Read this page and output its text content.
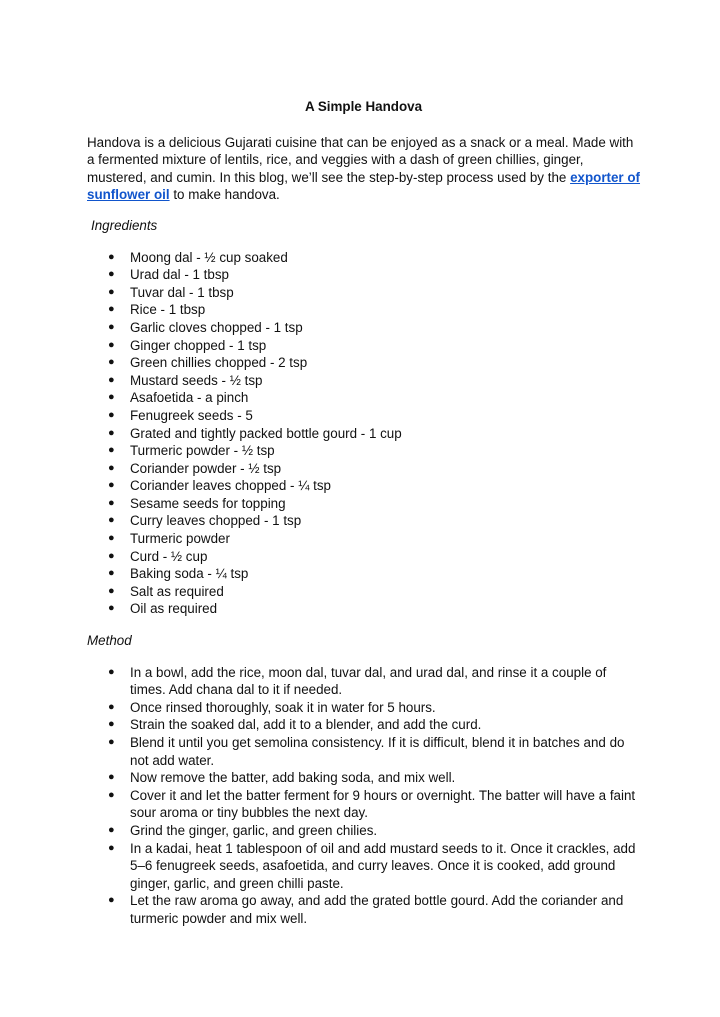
A Simple Handova

Handova is a delicious Gujarati cuisine that can be enjoyed as a snack or a meal. Made with a fermented mixture of lentils, rice, and veggies with a dash of green chillies, ginger, mustered, and cumin. In this blog, we’ll see the step-by-step process used by the exporter of sunflower oil to make handova.

Ingredients
● Moong dal - ½ cup soaked
● Urad dal - 1 tbsp
● Tuvar dal - 1 tbsp
● Rice - 1 tbsp
● Garlic cloves chopped - 1 tsp
● Ginger chopped - 1 tsp
● Green chillies chopped - 2 tsp
● Mustard seeds - ½ tsp
● Asafoetida - a pinch
● Fenugreek seeds - 5
● Grated and tightly packed bottle gourd - 1 cup
● Turmeric powder - ½ tsp
● Coriander powder - ½ tsp
● Coriander leaves chopped - ¼ tsp
● Sesame seeds for topping
● Curry leaves chopped - 1 tsp
● Turmeric powder
● Curd - ½ cup
● Baking soda - ¼ tsp
● Salt as required
● Oil as required
Method
● In a bowl, add the rice, moon dal, tuvar dal, and urad dal, and rinse it a couple of times. Add chana dal to it if needed.
● Once rinsed thoroughly, soak it in water for 5 hours.
● Strain the soaked dal, add it to a blender, and add the curd.
● Blend it until you get semolina consistency. If it is difficult, blend it in batches and do not add water.
● Now remove the batter, add baking soda, and mix well.
● Cover it and let the batter ferment for 9 hours or overnight. The batter will have a faint sour aroma or tiny bubbles the next day.
● Grind the ginger, garlic, and green chilies.
● In a kadai, heat 1 tablespoon of oil and add mustard seeds to it. Once it crackles, add 5–6 fenugreek seeds, asafoetida, and curry leaves. Once it is cooked, add ground ginger, garlic, and green chilli paste.
● Let the raw aroma go away, and add the grated bottle gourd. Add the coriander and turmeric powder and mix well.
